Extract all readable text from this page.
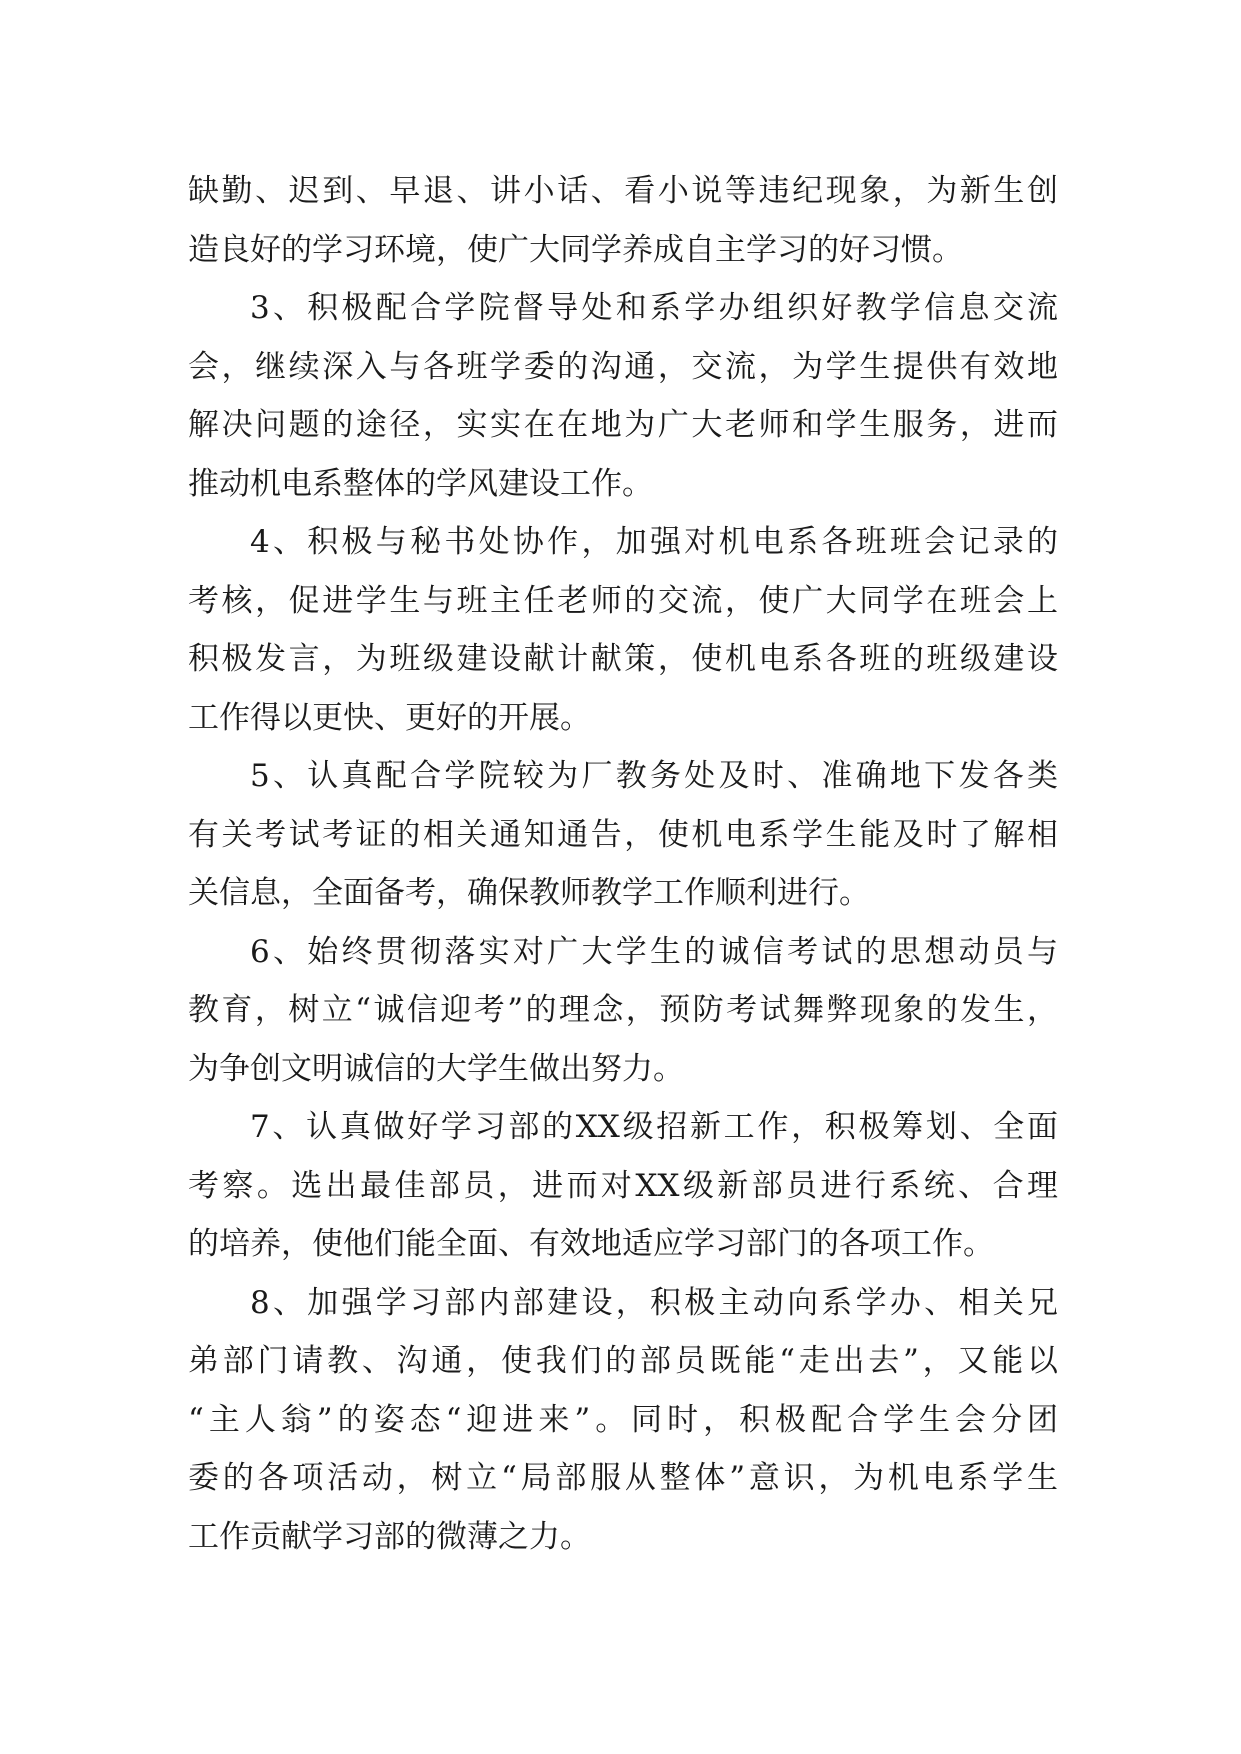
缺勤、迟到、早退、讲小话、看小说等违纪现象，为新生创
造良好的学习环境，使广大同学养成自主学习的好习惯。
3、积极配合学院督导处和系学办组织好教学信息交流
会，继续深入与各班学委的沟通，交流，为学生提供有效地
解决问题的途径，实实在在地为广大老师和学生服务，进而
推动机电系整体的学风建设工作。
4、积极与秘书处协作，加强对机电系各班班会记录的
考核，促进学生与班主任老师的交流，使广大同学在班会上
积极发言，为班级建设献计献策，使机电系各班的班级建设
工作得以更快、更好的开展。
5、认真配合学院较为厂教务处及时、准确地下发各类
有关考试考证的相关通知通告，使机电系学生能及时了解相
关信息，全面备考，确保教师教学工作顺利进行。
6、始终贯彻落实对广大学生的诚信考试的思想动员与
教育，树立“诚信迎考”的理念，预防考试舞弊现象的发生，
为争创文明诚信的大学生做出努力。
7、认真做好学习部的XX级招新工作，积极筹划、全面
考察。选出最佳部员，进而对XX级新部员进行系统、合理
的培养，使他们能全面、有效地适应学习部门的各项工作。
8、加强学习部内部建设，积极主动向系学办、相关兄
弟部门请教、沟通，使我们的部员既能“走出去”，又能以
“主人翁”的姿态“迎进来”。同时，积极配合学生会分团
委的各项活动，树立“局部服从整体”意识，为机电系学生
工作贡献学习部的微薄之力。
